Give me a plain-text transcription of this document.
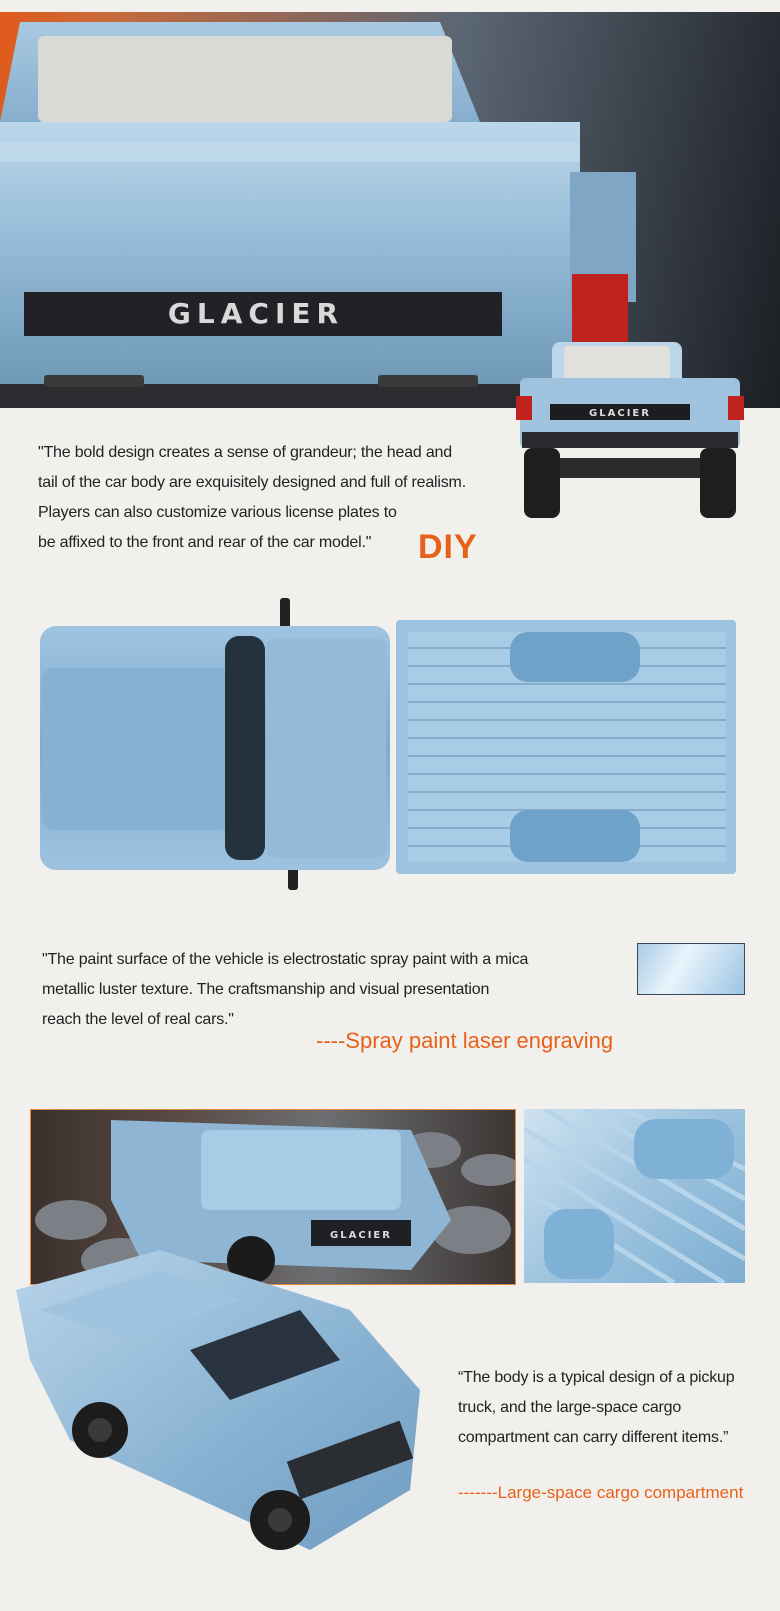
GLACIER
GLACIER
"The bold design creates a sense of grandeur; the head and
tail of the car body are exquisitely designed and full of realism.
Players can also customize various license plates to
be affixed to the front and rear of the car model."	DIY
"The paint surface of the vehicle is electrostatic spray paint with a mica
metallic luster texture. The craftsmanship and visual presentation
reach the level of real cars."
----Spray paint laser engraving
GLACIER
“The body is a typical design of a pickup
truck, and the large-space cargo
compartment can carry different items.”
-------Large-space cargo compartment
